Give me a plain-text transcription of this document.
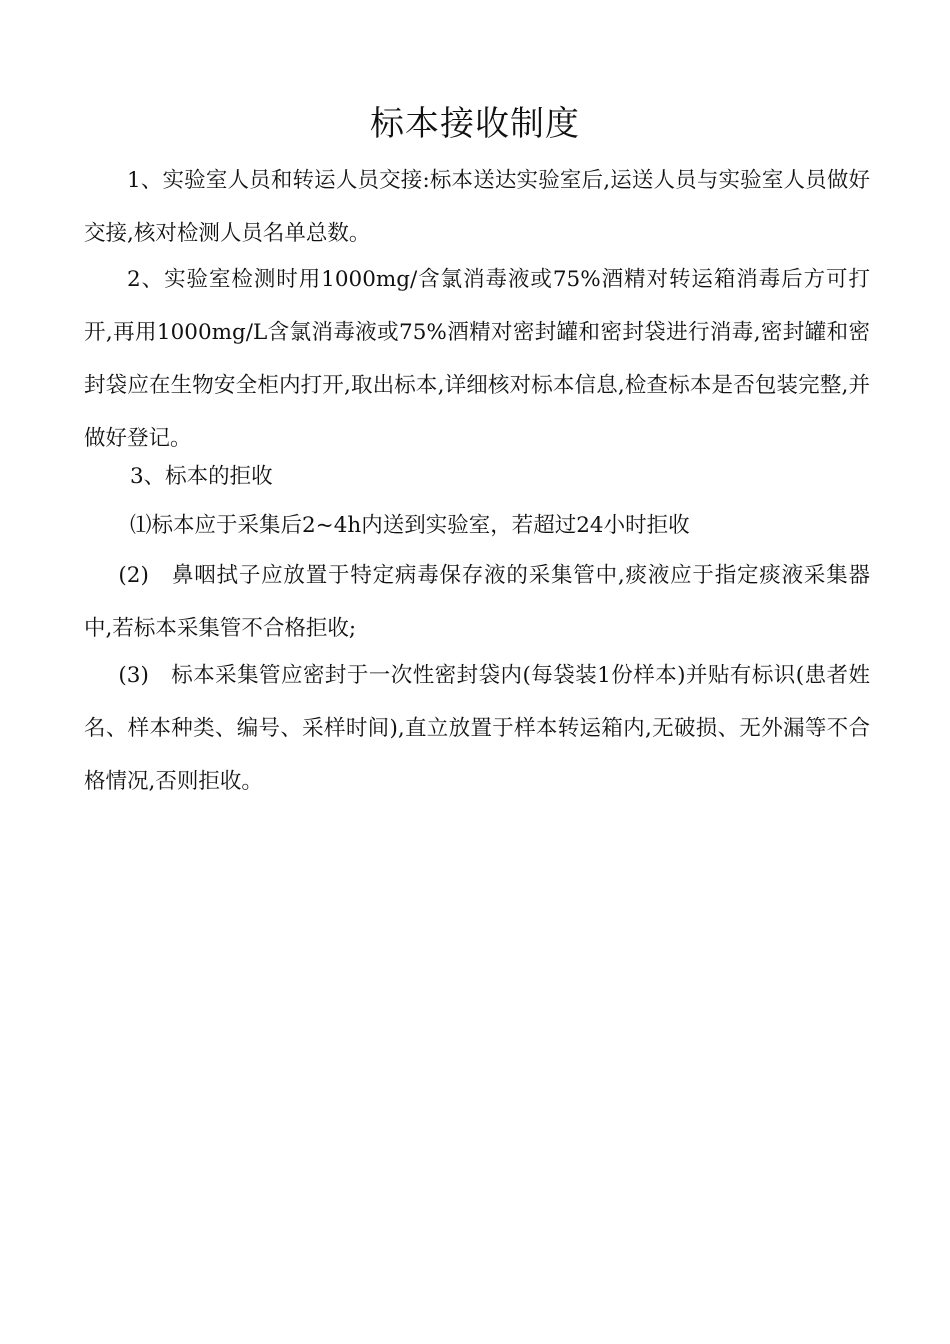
标本接收制度

1、实验室人员和转运人员交接:标本送达实验室后,运送人员与实验室人员做好交接,核对检测人员名单总数。

2、实验室检测时用1000mg/含氯消毒液或75%酒精对转运箱消毒后方可打开,再用1000mg/L含氯消毒液或75%酒精对密封罐和密封袋进行消毒,密封罐和密封袋应在生物安全柜内打开,取出标本,详细核对标本信息,检查标本是否包装完整,并做好登记。

3、标本的拒收

⑴标本应于采集后2~4h内送到实验室，若超过24小时拒收

(2)　鼻咽拭子应放置于特定病毒保存液的采集管中,痰液应于指定痰液采集器中,若标本采集管不合格拒收;

(3)　标本采集管应密封于一次性密封袋内(每袋装1份样本)并贴有标识(患者姓名、样本种类、编号、采样时间),直立放置于样本转运箱内,无破损、无外漏等不合格情况,否则拒收。
